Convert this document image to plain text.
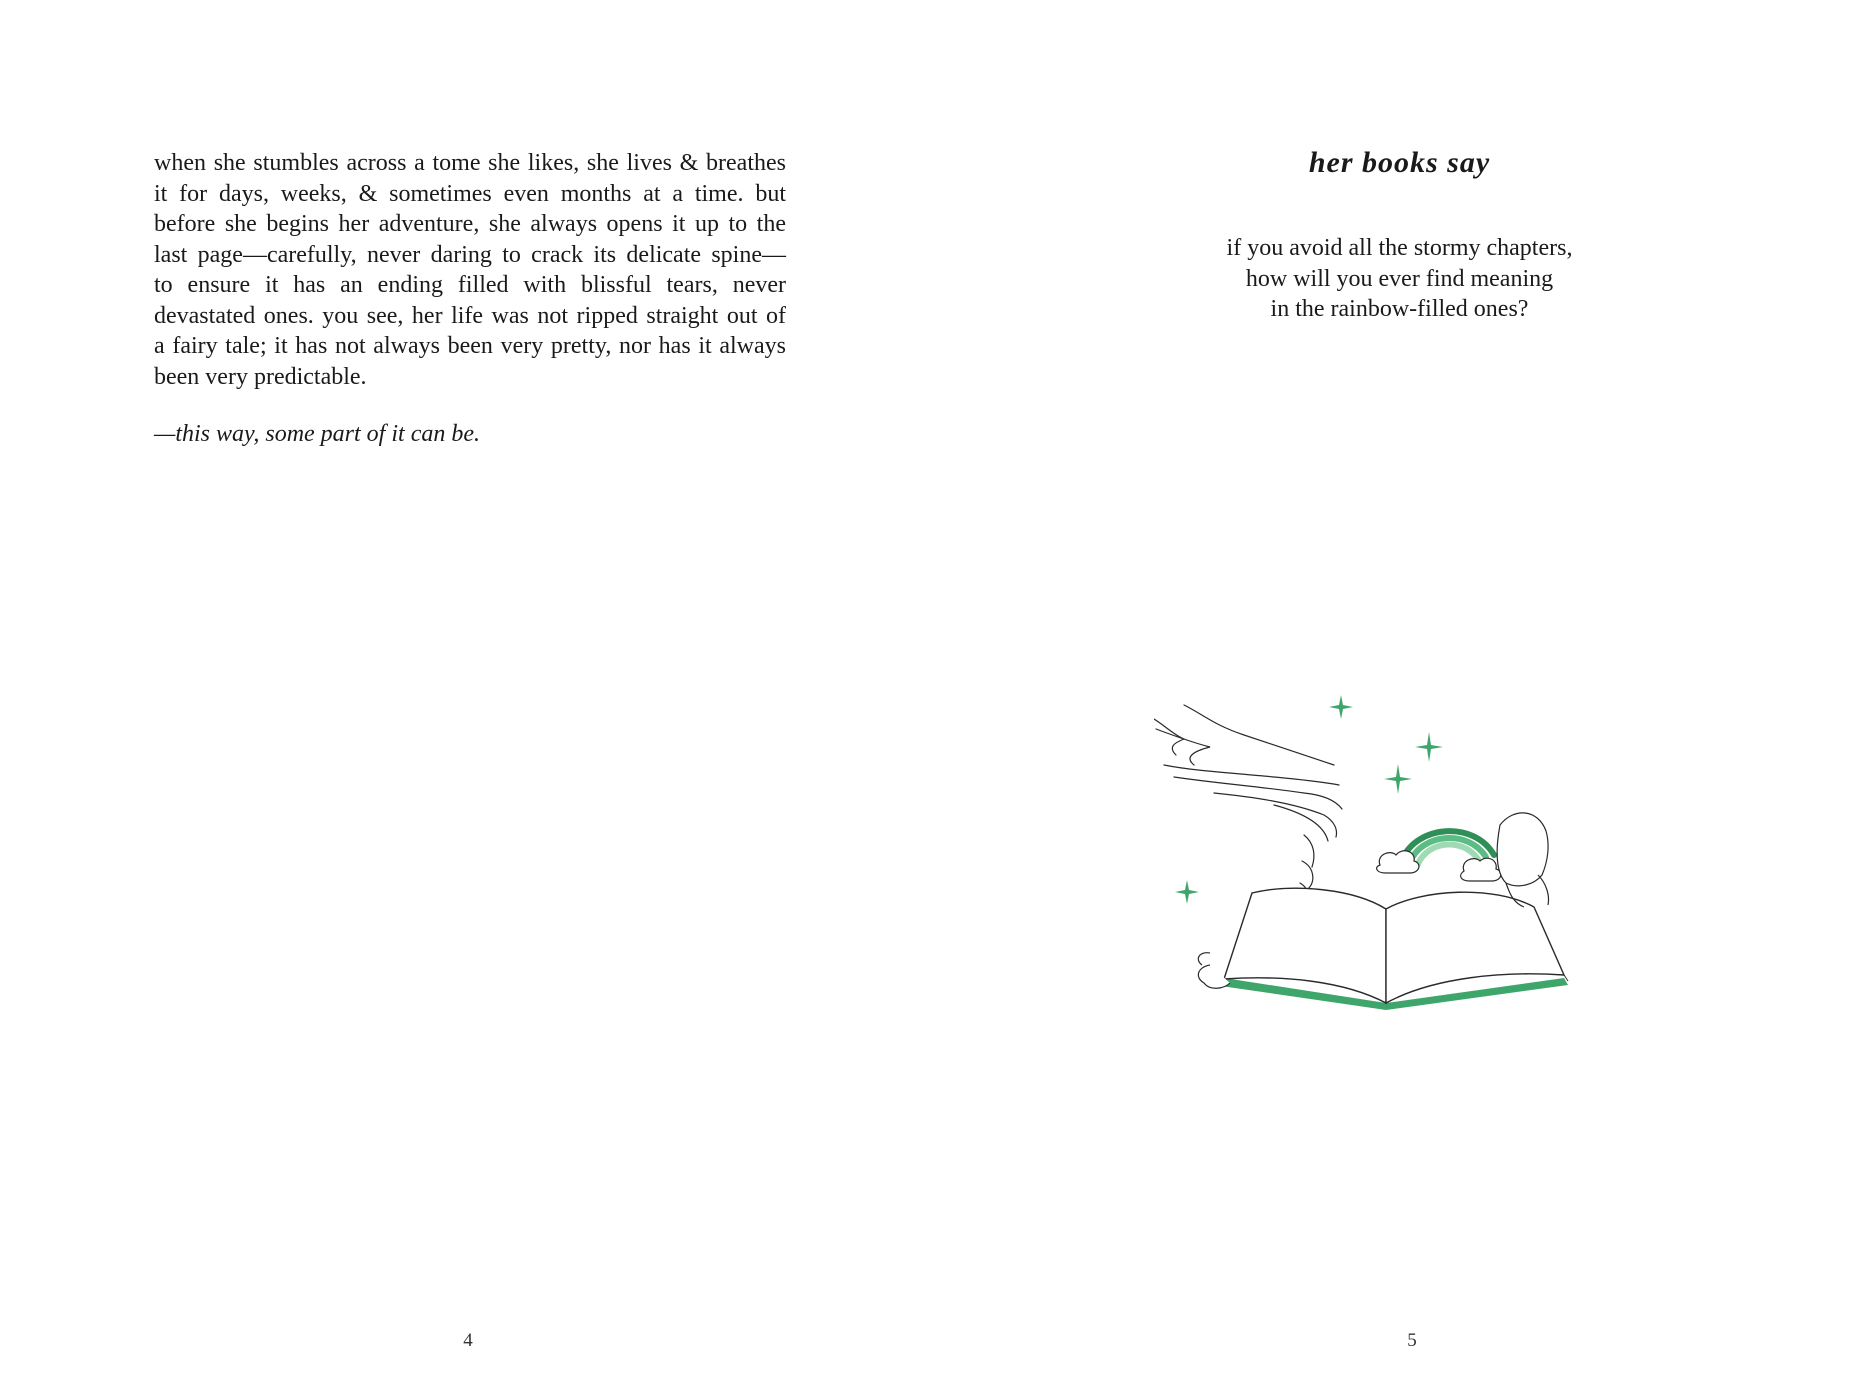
when she stumbles across a tome she likes, she lives & breathes
it for days, weeks, & sometimes even months at a time. but
before she begins her adventure, she always opens it up to the
last page—carefully, never daring to crack its delicate spine—
to ensure it has an ending filled with blissful tears, never
devastated ones. you see, her life was not ripped straight out of
a fairy tale; it has not always been very pretty, nor has it always
been very predictable.
—this way, some part of it can be.
4
her books say
if you avoid all the stormy chapters,
how will you ever find meaning
in the rainbow-filled ones?
5
